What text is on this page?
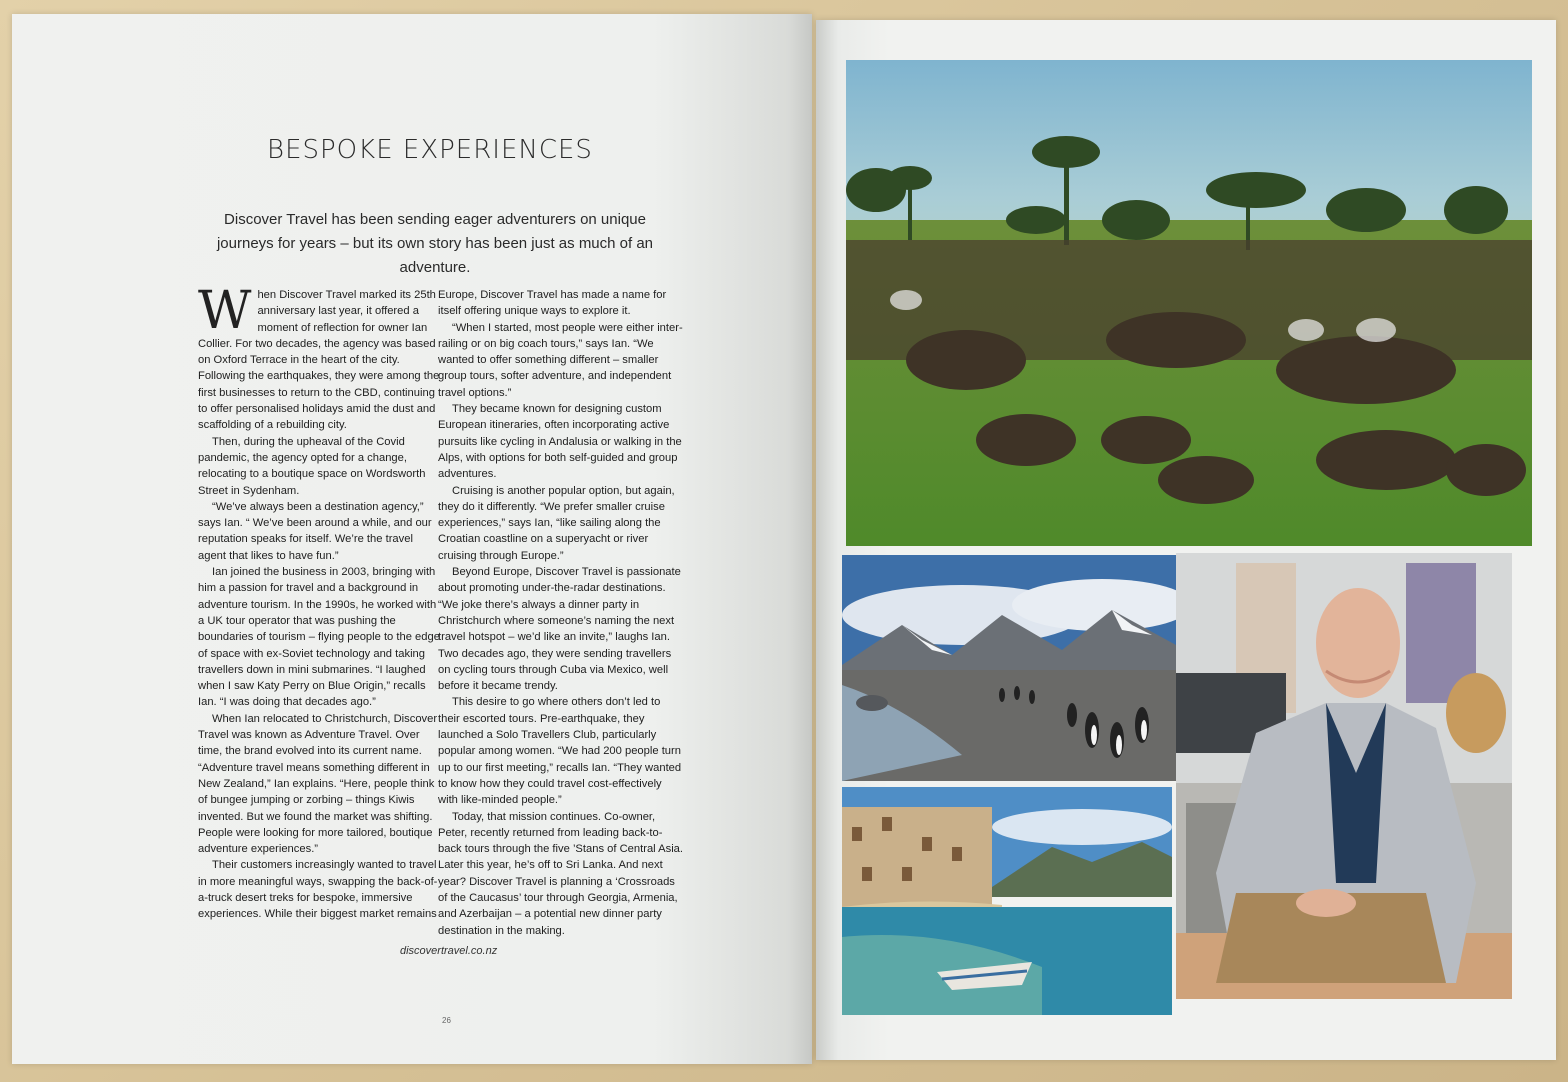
BESPOKE EXPERIENCES
Discover Travel has been sending eager adventurers on unique journeys for years – but its own story has been just as much of an adventure.

When Discover Travel marked its 25th anniversary last year, it offered a moment of reflection for owner Ian Collier. For two decades, the agency was based on Oxford Terrace in the heart of the city. Following the earthquakes, they were among the first businesses to return to the CBD, continuing to offer personalised holidays amid the dust and scaffolding of a rebuilding city.

Then, during the upheaval of the Covid pandemic, the agency opted for a change, relocating to a boutique space on Wordsworth Street in Sydenham.

“We’ve always been a destination agency,” says Ian. “ We’ve been around a while, and our reputation speaks for itself. We’re the travel agent that likes to have fun.”

Ian joined the business in 2003, bringing with him a passion for travel and a background in adventure tourism. In the 1990s, he worked with a UK tour operator that was pushing the boundaries of tourism – flying people to the edge of space with ex-Soviet technology and taking travellers down in mini submarines. “I laughed when I saw Katy Perry on Blue Origin,” recalls Ian. “I was doing that decades ago.”

When Ian relocated to Christchurch, Discover Travel was known as Adventure Travel. Over time, the brand evolved into its current name. “Adventure travel means something different in New Zealand,” Ian explains. “Here, people think of bungee jumping or zorbing – things Kiwis invented. But we found the market was shifting. People were looking for more tailored, boutique adventure experiences.”

Their customers increasingly wanted to travel in more meaningful ways, swapping the back-of-a-truck desert treks for bespoke, immersive experiences. While their biggest market remains

Europe, Discover Travel has made a name for itself offering unique ways to explore it.

“When I started, most people were either inter-railing or on big coach tours,” says Ian. “We wanted to offer something different – smaller group tours, softer adventure, and independent travel options.”

They became known for designing custom European itineraries, often incorporating active pursuits like cycling in Andalusia or walking in the Alps, with options for both self-guided and group adventures.

Cruising is another popular option, but again, they do it differently. “We prefer smaller cruise experiences,” says Ian, “like sailing along the Croatian coastline on a superyacht or river cruising through Europe.”

Beyond Europe, Discover Travel is passionate about promoting under-the-radar destinations. “We joke there’s always a dinner party in Christchurch where someone’s naming the next travel hotspot – we’d like an invite,” laughs Ian. Two decades ago, they were sending travellers on cycling tours through Cuba via Mexico, well before it became trendy.

This desire to go where others don’t led to their escorted tours. Pre-earthquake, they launched a Solo Travellers Club, particularly popular among women. “We had 200 people turn up to our first meeting,” recalls Ian. “They wanted to know how they could travel cost-effectively with like-minded people.”

Today, that mission continues. Co-owner, Peter, recently returned from leading back-to-back tours through the five ’Stans of Central Asia. Later this year, he’s off to Sri Lanka. And next year? Discover Travel is planning a ‘Crossroads of the Caucasus’ tour through Georgia, Armenia, and Azerbaijan – a potential new dinner party destination in the making.

discovertravel.co.nz
26
